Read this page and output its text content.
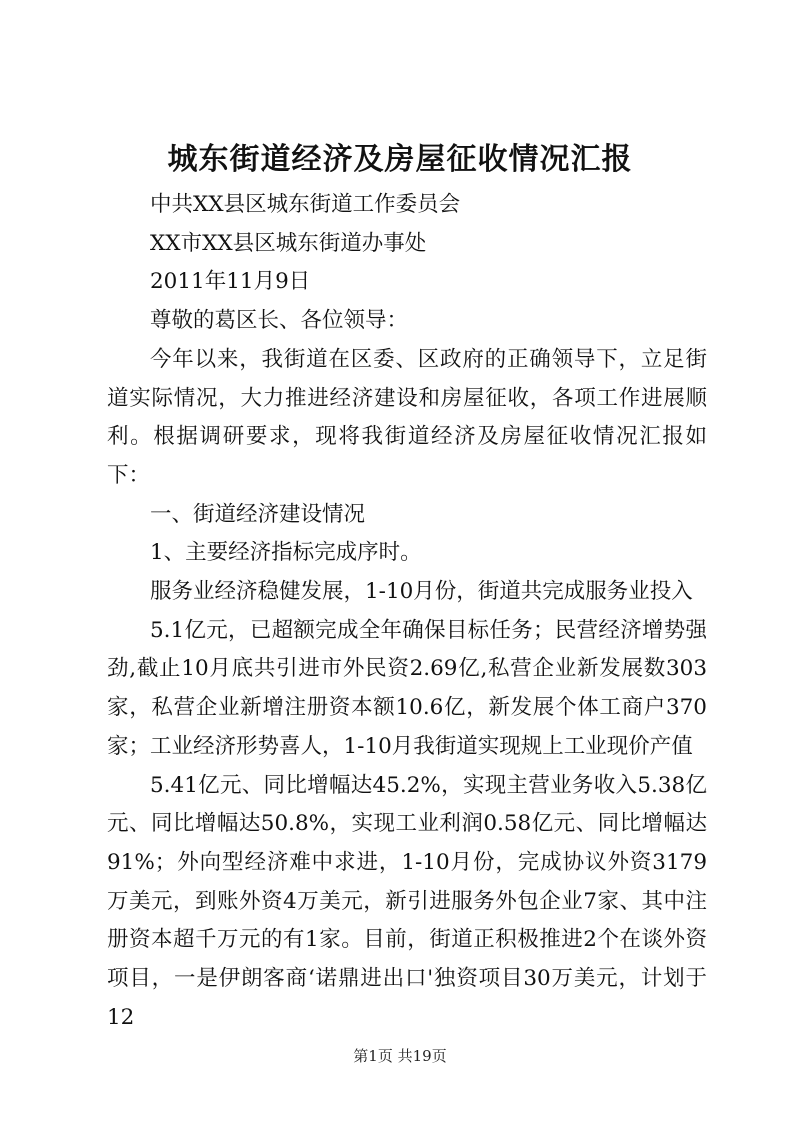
城东街道经济及房屋征收情况汇报

中共XX县区城东街道工作委员会

XX市XX县区城东街道办事处

2011年11月9日

尊敬的葛区长、各位领导：

今年以来，我街道在区委、区政府的正确领导下，立足街道实际情况，大力推进经济建设和房屋征收，各项工作进展顺利。根据调研要求，现将我街道经济及房屋征收情况汇报如下：

一、街道经济建设情况

1、主要经济指标完成序时。

服务业经济稳健发展，1-10月份，街道共完成服务业投入

5.1亿元，已超额完成全年确保目标任务；民营经济增势强劲,截止10月底共引进市外民资2.69亿,私营企业新发展数303家，私营企业新增注册资本额10.6亿，新发展个体工商户370家；工业经济形势喜人，1-10月我街道实现规上工业现价产值

5.41亿元、同比增幅达45.2%，实现主营业务收入5.38亿元、同比增幅达50.8%，实现工业利润0.58亿元、同比增幅达91%；外向型经济难中求进，1-10月份，完成协议外资3179万美元，到账外资4万美元，新引进服务外包企业7家、其中注册资本超千万元的有1家。目前，街道正积极推进2个在谈外资项目，一是伊朗客商‘诺鼎进出口'独资项目30万美元，计划于12

第1页 共19页
